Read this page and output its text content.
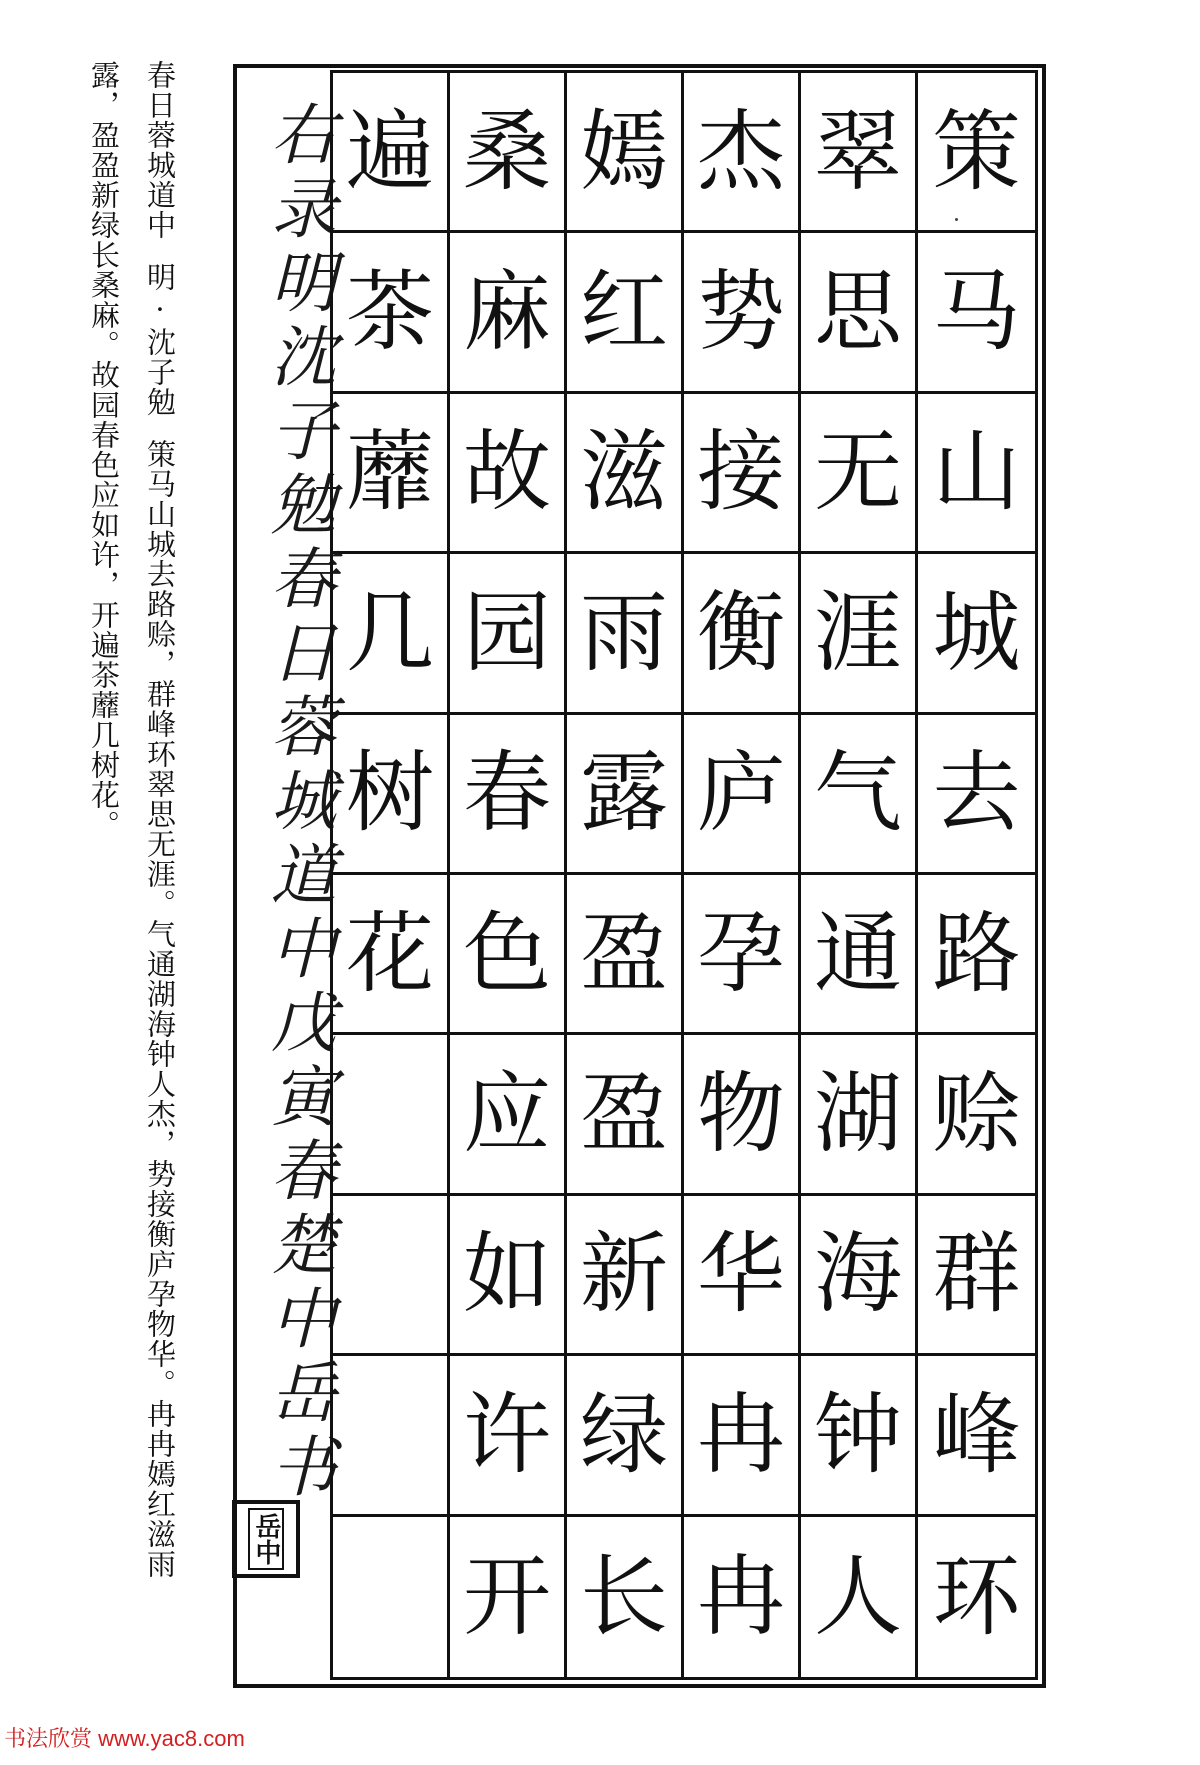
春日蓉城道中明·沈子勉策马山城去路赊，群峰环翠思无涯。气通湖海钟人杰，势接衡庐孕物华。冉冉嫣红滋雨
露，盈盈新绿长桑麻。故园春色应如许，开遍茶蘼几树花。 右录明沈子勉春日蓉城道中戊寅春楚中岳书
岳中
策
马
山
城
去
路
赊
群
峰
环
翠
思
无
涯
气
通
湖
海
钟
人
杰
势
接
衡
庐
孕
物
华
冉
冉
嫣
红
滋
雨
露
盈
盈
新
绿
长
桑
麻
故
园
春
色
应
如
许
开
遍
茶
蘼
几
树
花
书法欣赏 www.yac8.com
